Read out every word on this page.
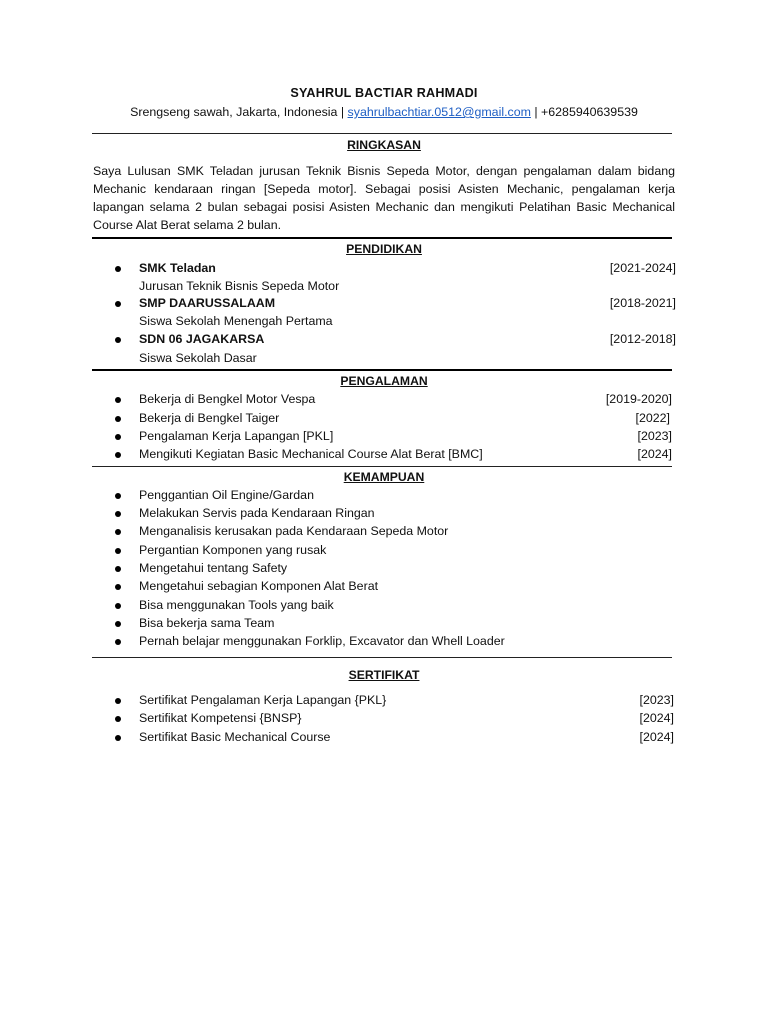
SYAHRUL BACTIAR RAHMADI
Srengseng sawah, Jakarta, Indonesia | syahrulbachtiar.0512@gmail.com | +6285940639539
RINGKASAN
Saya Lulusan SMK Teladan jurusan Teknik Bisnis Sepeda Motor, dengan pengalaman dalam bidang Mechanic kendaraan ringan [Sepeda motor]. Sebagai posisi Asisten Mechanic, pengalaman kerja lapangan selama 2 bulan sebagai posisi Asisten Mechanic dan mengikuti Pelatihan Basic Mechanical Course Alat Berat selama 2 bulan.
PENDIDIKAN
SMK Teladan	[2021-2024]
Jurusan Teknik Bisnis Sepeda Motor
SMP DAARUSSALAAM	[2018-2021]
Siswa Sekolah Menengah Pertama
SDN 06 JAGAKARSA	[2012-2018]
Siswa Sekolah Dasar
PENGALAMAN
Bekerja di Bengkel Motor Vespa	[2019-2020]
Bekerja di Bengkel Taiger	[2022]
Pengalaman Kerja Lapangan [PKL]	[2023]
Mengikuti Kegiatan Basic Mechanical Course Alat Berat [BMC]	[2024]
KEMAMPUAN
Penggantian Oil Engine/Gardan
Melakukan Servis pada Kendaraan Ringan
Menganalisis kerusakan pada Kendaraan Sepeda Motor
Pergantian Komponen yang rusak
Mengetahui tentang Safety
Mengetahui sebagian Komponen Alat Berat
Bisa menggunakan Tools yang baik
Bisa bekerja sama Team
Pernah belajar menggunakan Forklip, Excavator dan Whell Loader
SERTIFIKAT
Sertifikat Pengalaman Kerja Lapangan {PKL}	[2023]
Sertifikat Kompetensi {BNSP}	[2024]
Sertifikat Basic Mechanical Course	[2024]
